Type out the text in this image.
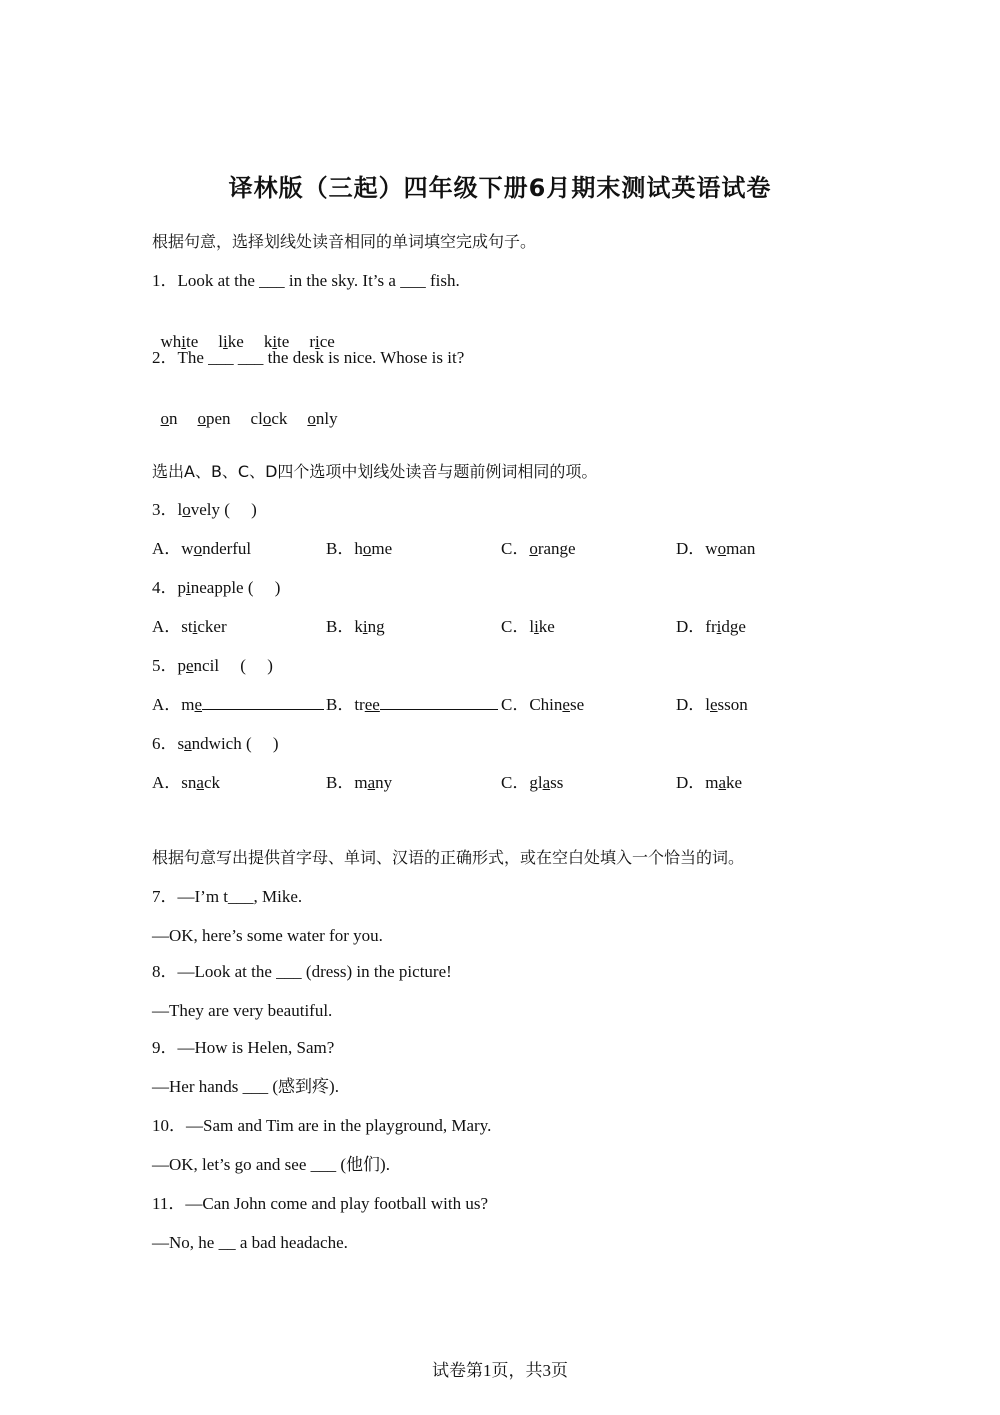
译林版（三起）四年级下册6月期末测试英语试卷
根据句意，选择划线处读音相同的单词填空完成句子。
1．Look at the ___ in the sky. It’s a ___ fish.

white like kite rice

2．The ___ ___ the desk is nice. Whose is it?

on open clock only

选出A、B、C、D四个选项中划线处读音与题前例词相同的项。
3．lovely (     )
A．wonderful	B．home	C．orange	D．woman
4．pineapple (     )
A．sticker	B．king	C．like	D．fridge
5．pencil     (     )
A．me	B．tree	C．Chinese	D．lesson
6．sandwich (     )
A．snack	B．many	C．glass	D．make
根据句意写出提供首字母、单词、汉语的正确形式，或在空白处填入一个恰当的词。
7．—I’m t___, Mike.
—OK, here’s some water for you.
8．—Look at the ___ (dress) in the picture!
—They are very beautiful.
9．—How is Helen, Sam?
—Her hands ___ (感到疼).
10．—Sam and Tim are in the playground, Mary.
—OK, let’s go and see ___ (他们).
11．—Can John come and play football with us?
—No, he __ a bad headache.
试卷第1页，共3页
